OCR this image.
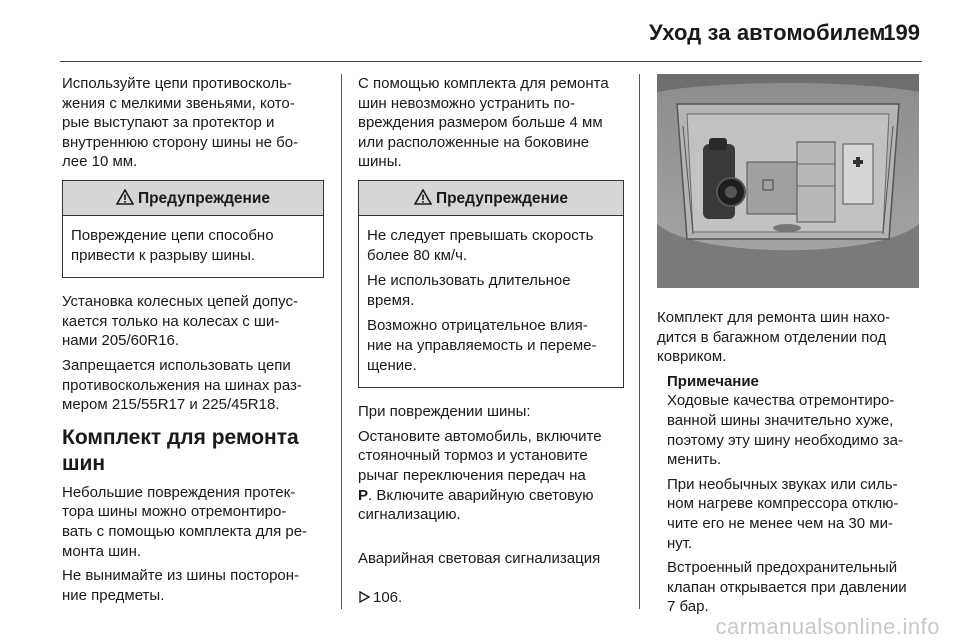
Уход за автомобилем
199
Используйте цепи противосколь-
жения с мелкими звеньями, кото-
рые выступают за протектор и
внутреннюю сторону шины не бо-
лее 10 мм.
Предупреждение
Повреждение цепи способно
привести к разрыву шины.
Установка колесных цепей допус-
кается только на колесах с ши-
нами 205/60R16.
Запрещается использовать цепи
противоскольжения на шинах раз-
мером 215/55R17 и 225/45R18.
Комплект для ремонта
шин
Небольшие повреждения протек-
тора шины можно отремонтиро-
вать с помощью комплекта для ре-
монта шин.
Не вынимайте из шины посторон-
ние предметы.
С помощью комплекта для ремонта
шин невозможно устранить по-
вреждения размером больше 4 мм
или расположенные на боковине
шины.
Предупреждение
Не следует превышать скорость
более 80 км/ч.
Не использовать длительное
время.
Возможно отрицательное влия-
ние на управляемость и переме-
щение.
При повреждении шины:
Остановите автомобиль, включите
стояночный тормоз и установите
рычаг переключения передач на
P. Включите аварийную световую
сигнализацию.

Аварийная световая сигнализация

106.

Комплект для ремонта шин нахо-
дится в багажном отделении под
ковриком.
Примечание
Ходовые качества отремонтиро-
ванной шины значительно хуже,
поэтому эту шину необходимо за-
менить.
При необычных звуках или силь-
ном нагреве компрессора отклю-
чите его не менее чем на 30 ми-
нут.
Встроенный предохранительный
клапан открывается при давлении
7 бар.
carmanualsonline.info
